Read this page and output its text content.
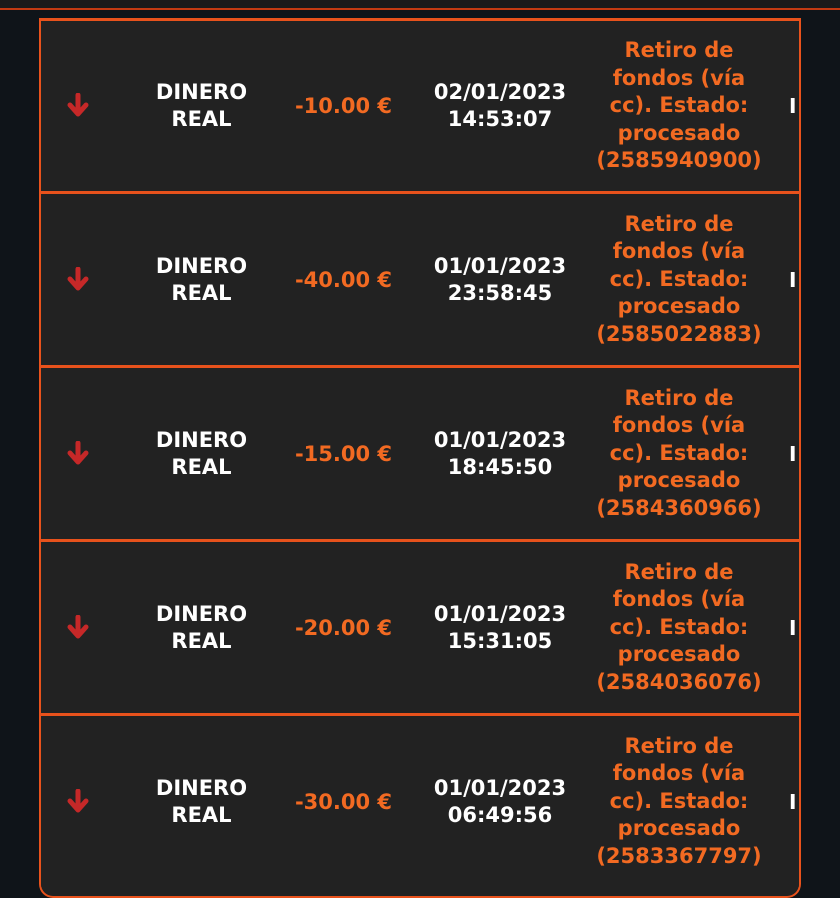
DINERO
REAL
-10.00 €
02/01/2023
14:53:07
Retiro de
fondos (vía
cc). Estado:
procesado
(2585940900)
I
DINERO
REAL
-40.00 €
01/01/2023
23:58:45
Retiro de
fondos (vía
cc). Estado:
procesado
(2585022883)
I
DINERO
REAL
-15.00 €
01/01/2023
18:45:50
Retiro de
fondos (vía
cc). Estado:
procesado
(2584360966)
I
DINERO
REAL
-20.00 €
01/01/2023
15:31:05
Retiro de
fondos (vía
cc). Estado:
procesado
(2584036076)
I
DINERO
REAL
-30.00 €
01/01/2023
06:49:56
Retiro de
fondos (vía
cc). Estado:
procesado
(2583367797)
I
